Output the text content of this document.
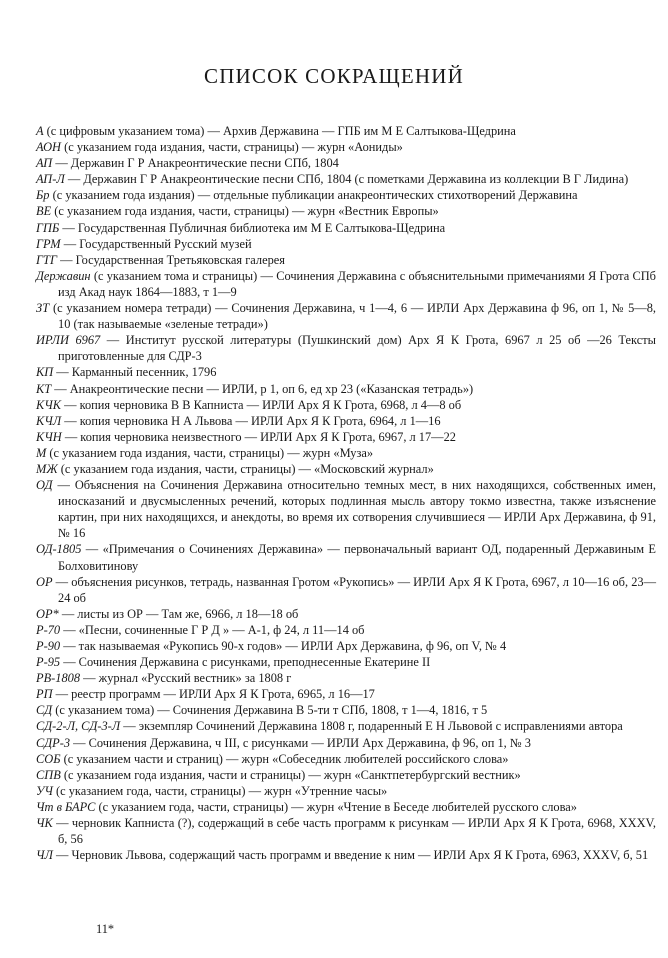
СПИСОК СОКРАЩЕНИЙ
А (с цифровым указанием тома) — Архив Державина — ГПБ им М Е Салтыкова-Щедрина
АОН (с указанием года издания, части, страницы) — журн «Аониды»
АП — Державин Г Р Анакреонтические песни СПб, 1804
АП-Л — Державин Г Р Анакреонтические песни СПб, 1804 (с пометками Державина из коллекции В Г Лидина)
Бр (с указанием года издания) — отдельные публикации анакреонтических стихотворений Державина
ВЕ (с указанием года издания, части, страницы) — журн «Вестник Европы»
ГПБ — Государственная Публичная библиотека им М Е Салтыкова-Щедрина
ГРМ — Государственный Русский музей
ГТГ — Государственная Третьяковская галерея
Державин (с указанием тома и страницы) — Сочинения Державина с объяснительными примечаниями Я Грота СПб изд Акад наук 1864—1883, т 1—9
ЗТ (с указанием номера тетради) — Сочинения Державина, ч 1—4, 6 — ИРЛИ Арх Державина ф 96, оп 1, № 5—8, 10 (так называемые «зеленые тетради»)
ИРЛИ 6967 — Институт русской литературы (Пушкинский дом) Арх Я К Грота, 6967 л 25 об —26 Тексты приготовленные для СДР-3
КП — Карманный песенник, 1796
КТ — Анакреонтические песни — ИРЛИ, р 1, оп 6, ед хр 23 («Казанская тетрадь»)
КЧК — копия черновика В В Капниста — ИРЛИ Арх Я К Грота, 6968, л 4—8 об
КЧЛ — копия черновика Н А Львова — ИРЛИ Арх Я К Грота, 6964, л 1—16
КЧН — копия черновика неизвестного — ИРЛИ Арх Я К Грота, 6967, л 17—22
М (с указанием года издания, части, страницы) — журн «Муза»
МЖ (с указанием года издания, части, страницы) — «Московский журнал»
ОД — Объяснения на Сочинения Державина относительно темных мест, в них находящихся, собственных имен, иносказаний и двусмысленных речений, которых подлинная мысль автору токмо известна, также изъяснение картин, при них находящихся, и анекдоты, во время их сотворения случившиеся — ИРЛИ Арх Державина, ф 91, № 16
ОД-1805 — «Примечания о Сочинениях Державина» — первоначальный вариант ОД, подаренный Державиным Е Болховитинову
ОР — объяснения рисунков, тетрадь, названная Гротом «Рукопись» — ИРЛИ Арх Я К Грота, 6967, л 10—16 об, 23—24 об
ОР* — листы из ОР — Там же, 6966, л 18—18 об
Р-70 — «Песни, сочиненные Г Р Д » — А-1, ф 24, л 11—14 об
Р-90 — так называемая «Рукопись 90-х годов» — ИРЛИ Арх Державина, ф 96, оп V, № 4
Р-95 — Сочинения Державина с рисунками, преподнесенные Екатерине II
РВ-1808 — журнал «Русский вестник» за 1808 г
РП — реестр программ — ИРЛИ Арх Я К Грота, 6965, л 16—17
СД (с указанием тома) — Сочинения Державина В 5-ти т СПб, 1808, т 1—4, 1816, т 5
СД-2-Л, СД-3-Л — экземпляр Сочинений Державина 1808 г, подаренный Е Н Львовой с исправлениями автора
СДР-3 — Сочинения Державина, ч III, с рисунками — ИРЛИ Арх Державина, ф 96, оп 1, № 3
СОБ (с указанием части и страниц) — журн «Собеседник любителей российского слова»
СПВ (с указанием года издания, части и страницы) — журн «Санктпетербургский вестник»
УЧ (с указанием года, части, страницы) — журн «Утренние часы»
Чт в БАРС (с указанием года, части, страницы) — журн «Чтение в Беседе любителей русского слова»
ЧК — черновик Капниста (?), содержащий в себе часть программ к рисункам — ИРЛИ Арх Я К Грота, 6968, XXXV, б, 56
ЧЛ — Черновик Львова, содержащий часть программ и введение к ним — ИРЛИ Арх Я К Грота, 6963, XXXV, б, 51
11*
